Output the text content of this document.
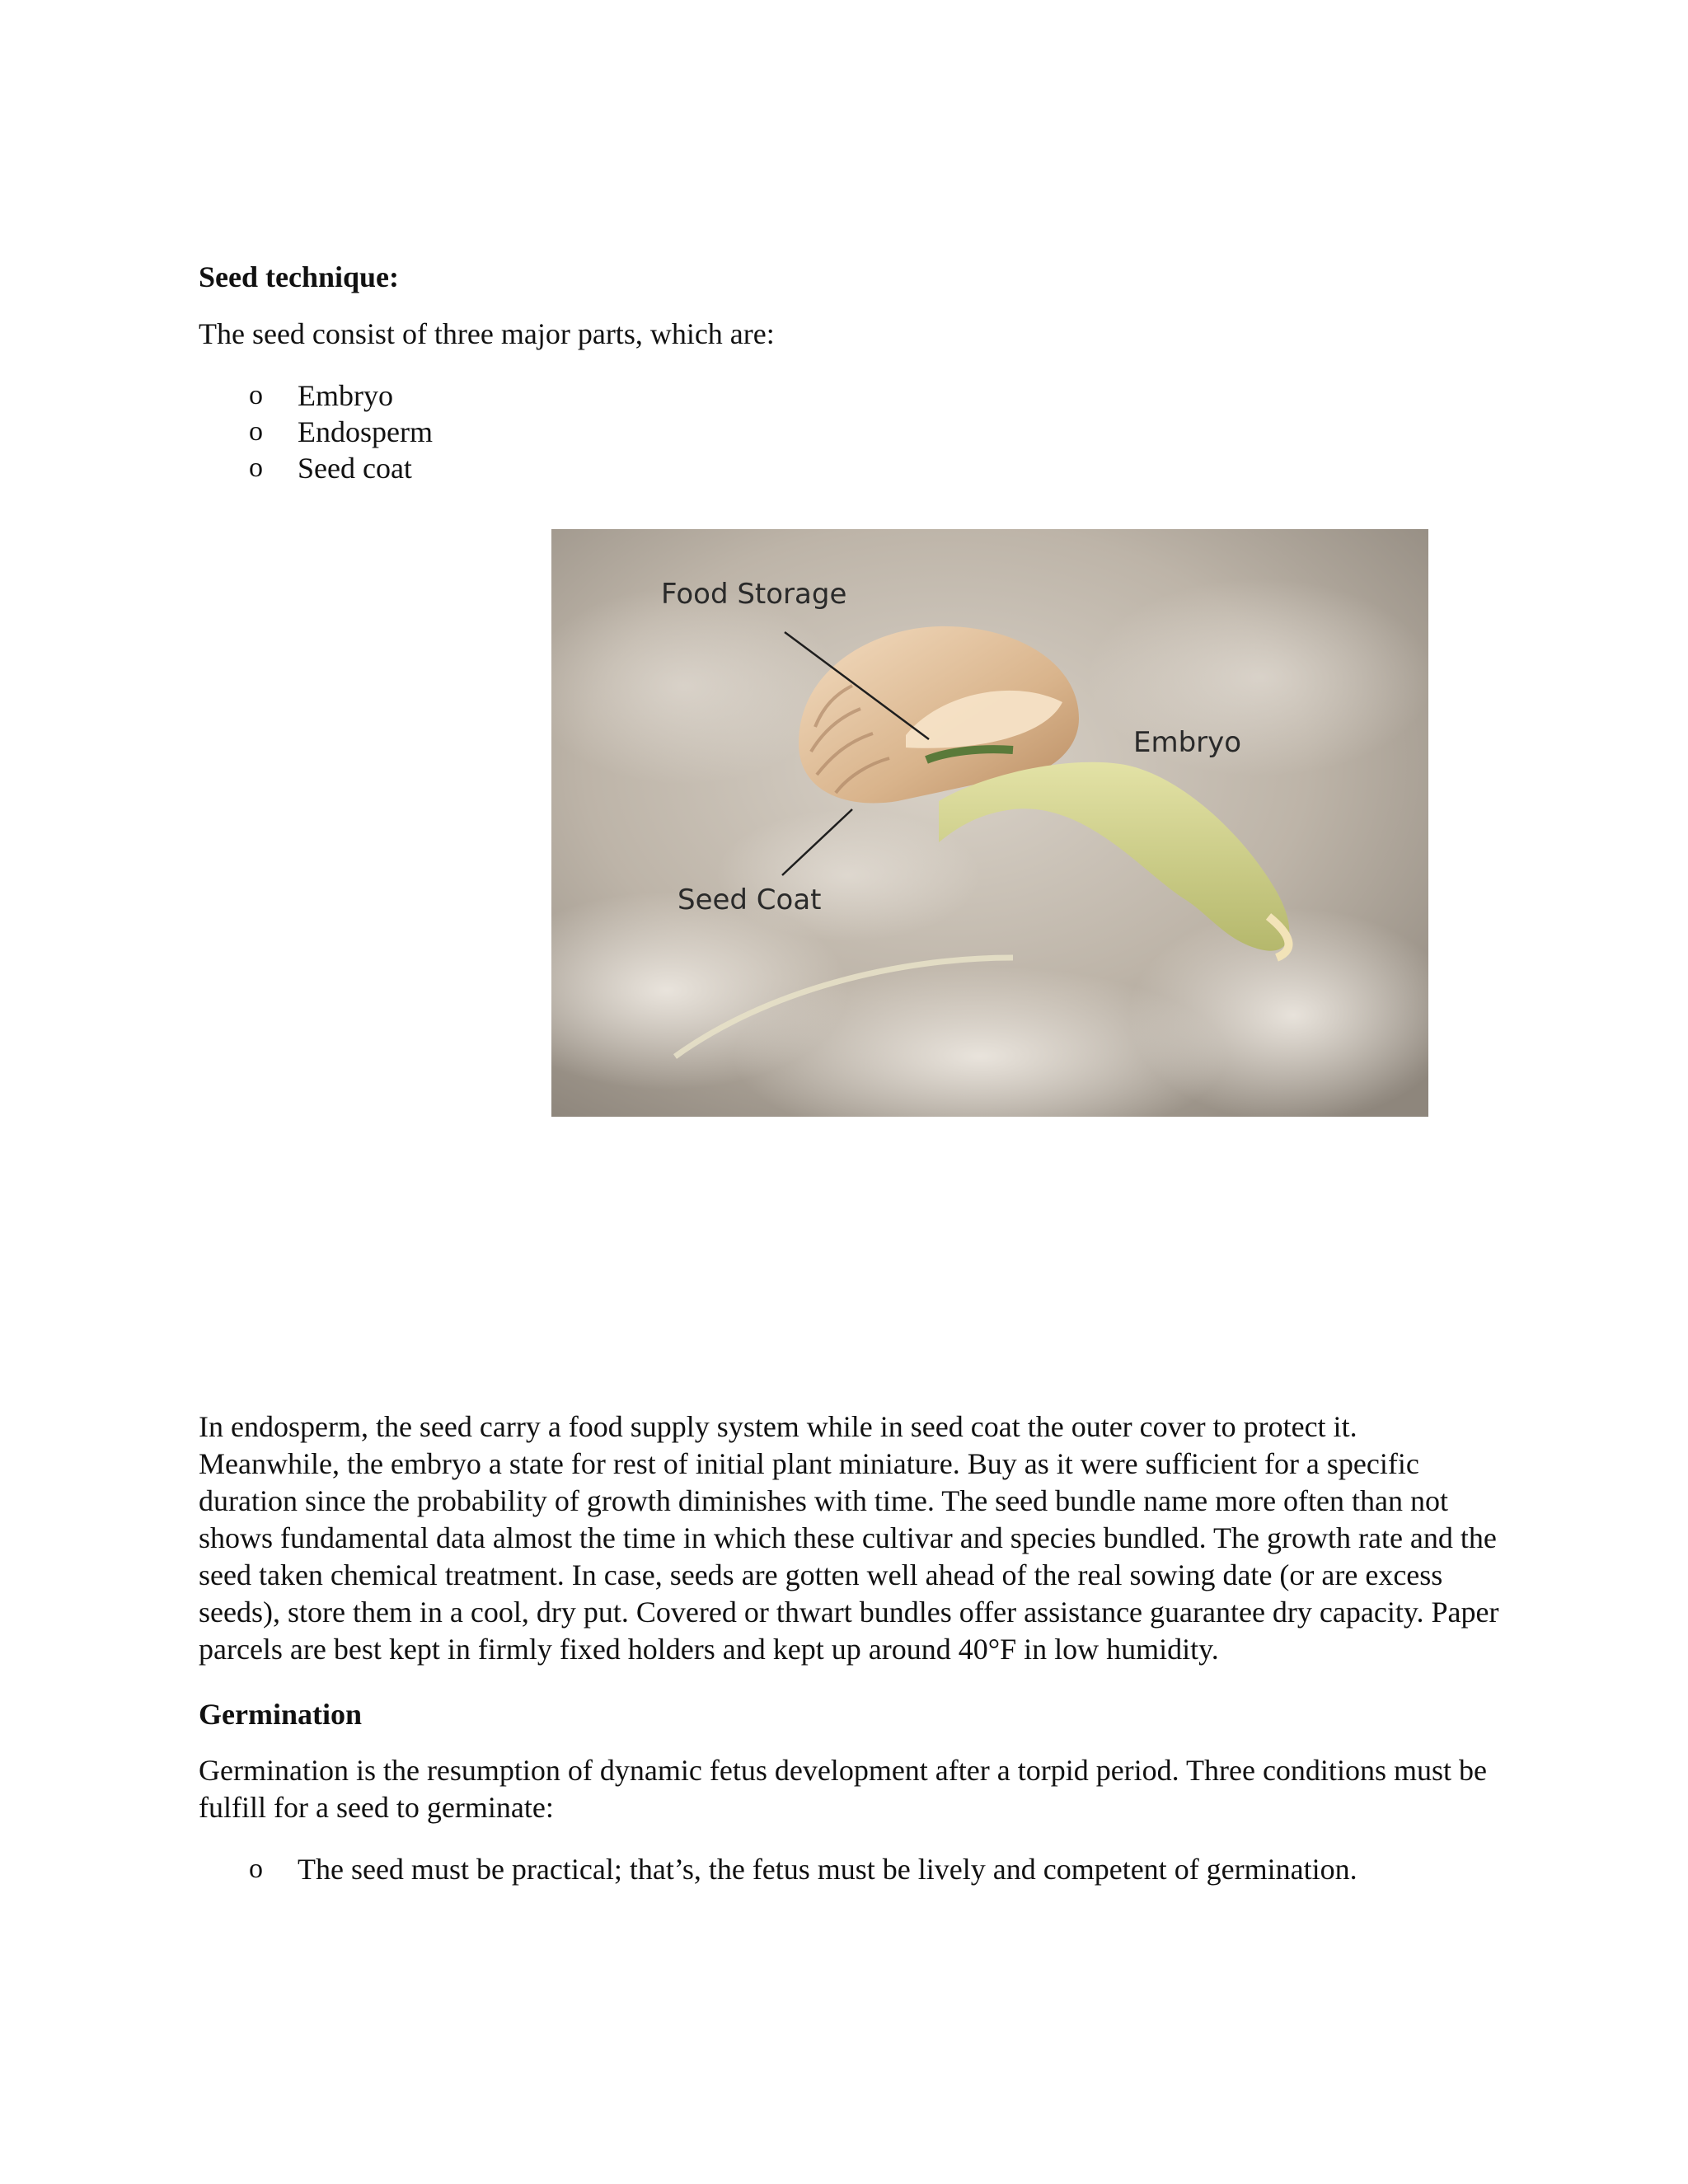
Seed technique:

The seed consist of three major parts, which are:

o Embryo
o Endosperm
o Seed coat
Food Storage
Embryo
Seed Coat

In endosperm, the seed carry a food supply system while in seed coat the outer cover to protect it. Meanwhile, the embryo a state for rest of initial plant miniature. Buy as it were sufficient for a specific duration since the probability of growth diminishes with time. The seed bundle name more often than not shows fundamental data almost the time in which these cultivar and species bundled. The growth rate and the seed taken chemical treatment. In case, seeds are gotten well ahead of the real sowing date (or are excess seeds), store them in a cool, dry put. Covered or thwart bundles offer assistance guarantee dry capacity. Paper parcels are best kept in firmly fixed holders and kept up around 40°F in low humidity.

Germination

Germination is the resumption of dynamic fetus development after a torpid period. Three conditions must be fulfill for a seed to germinate:

o The seed must be practical; that’s, the fetus must be lively and competent of germination.
